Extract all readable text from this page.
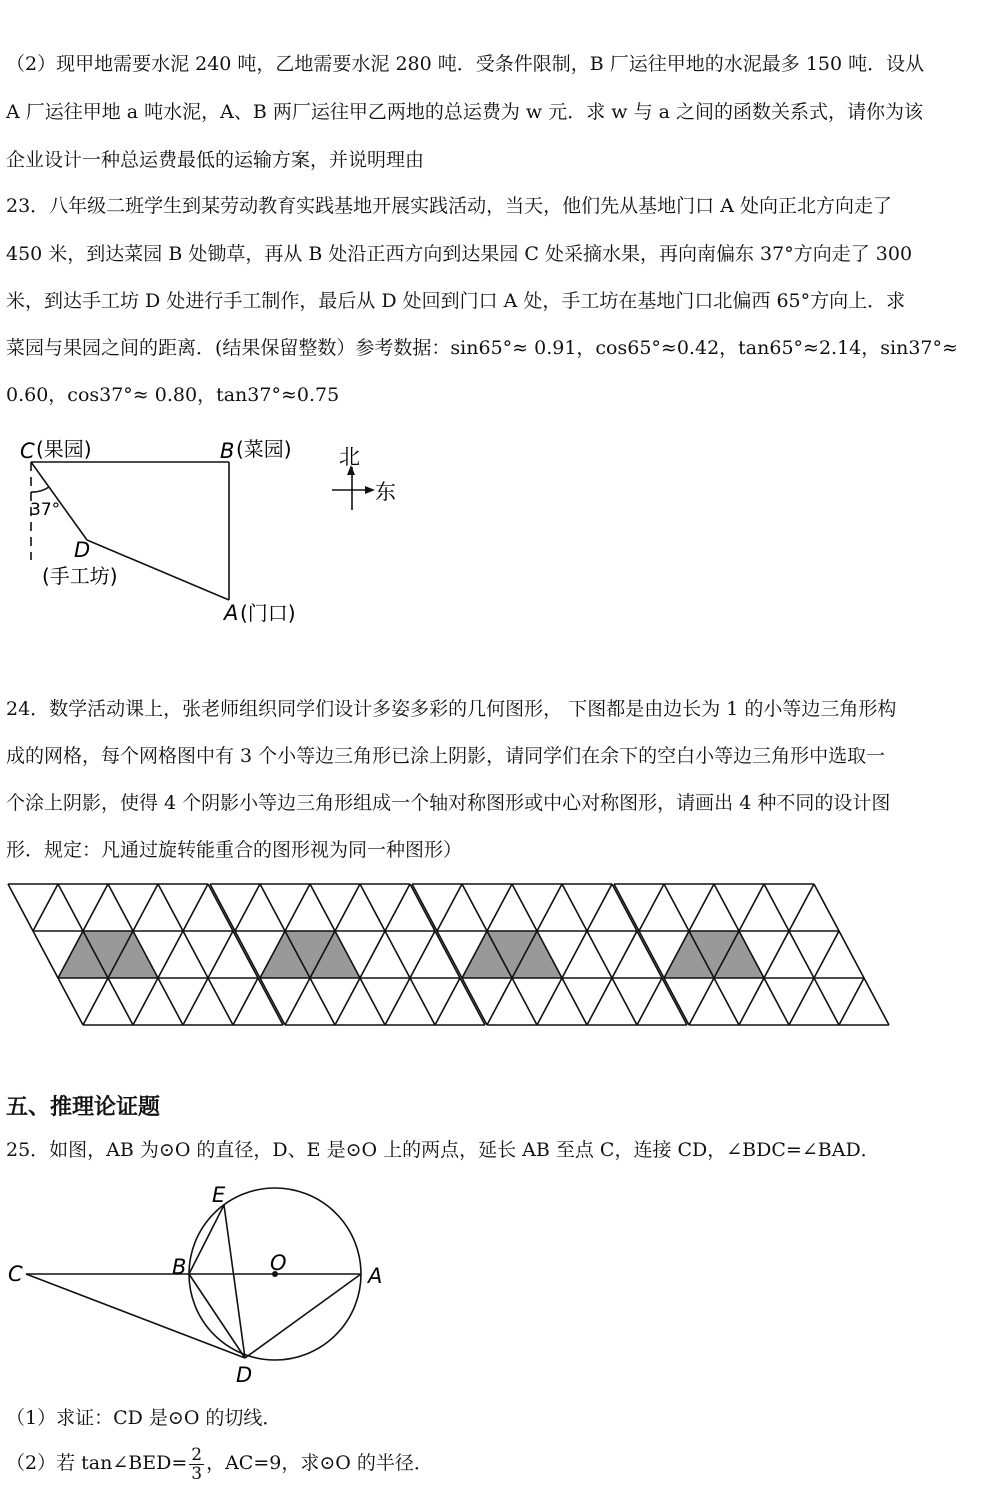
（2）现甲地需要水泥 240 吨，乙地需要水泥 280 吨．受条件限制，B 厂运往甲地的水泥最多 150 吨．设从
A 厂运往甲地 a 吨水泥，A、B 两厂运往甲乙两地的总运费为 w 元．求 w 与 a 之间的函数关系式，请你为该
企业设计一种总运费最低的运输方案，并说明理由
23．八年级二班学生到某劳动教育实践基地开展实践活动，当天，他们先从基地门口 A 处向正北方向走了
450 米，到达菜园 B 处锄草，再从 B 处沿正西方向到达果园 C 处采摘水果，再向南偏东 37°方向走了 300
米，到达手工坊 D 处进行手工制作，最后从 D 处回到门口 A 处，手工坊在基地门口北偏西 65°方向上．求
菜园与果园之间的距离．(结果保留整数）参考数据：sin65°≈ 0.91，cos65°≈0.42，tan65°≈2.14，sin37°≈
0.60，cos37°≈ 0.80，tan37°≈0.75
C (果园)	B (菜园)
37°
D
(手工坊)
A (门口)
北
东
24．数学活动课上，张老师组织同学们设计多姿多彩的几何图形， 下图都是由边长为 1 的小等边三角形构
成的网格，每个网格图中有 3 个小等边三角形已涂上阴影，请同学们在余下的空白小等边三角形中选取一
个涂上阴影，使得 4 个阴影小等边三角形组成一个轴对称图形或中心对称图形，请画出 4 种不同的设计图
形．规定：凡通过旋转能重合的图形视为同一种图形）
五、推理论证题
25．如图，AB 为⊙O 的直径，D、E 是⊙O 上的两点，延长 AB 至点 C，连接 CD，∠BDC=∠BAD．
E
B	O
A
C
D
（1）求证：CD 是⊙O 的切线．
（2）若 tan∠BED= $\frac{2}{3}$ ，AC=9，求⊙O 的半径．
